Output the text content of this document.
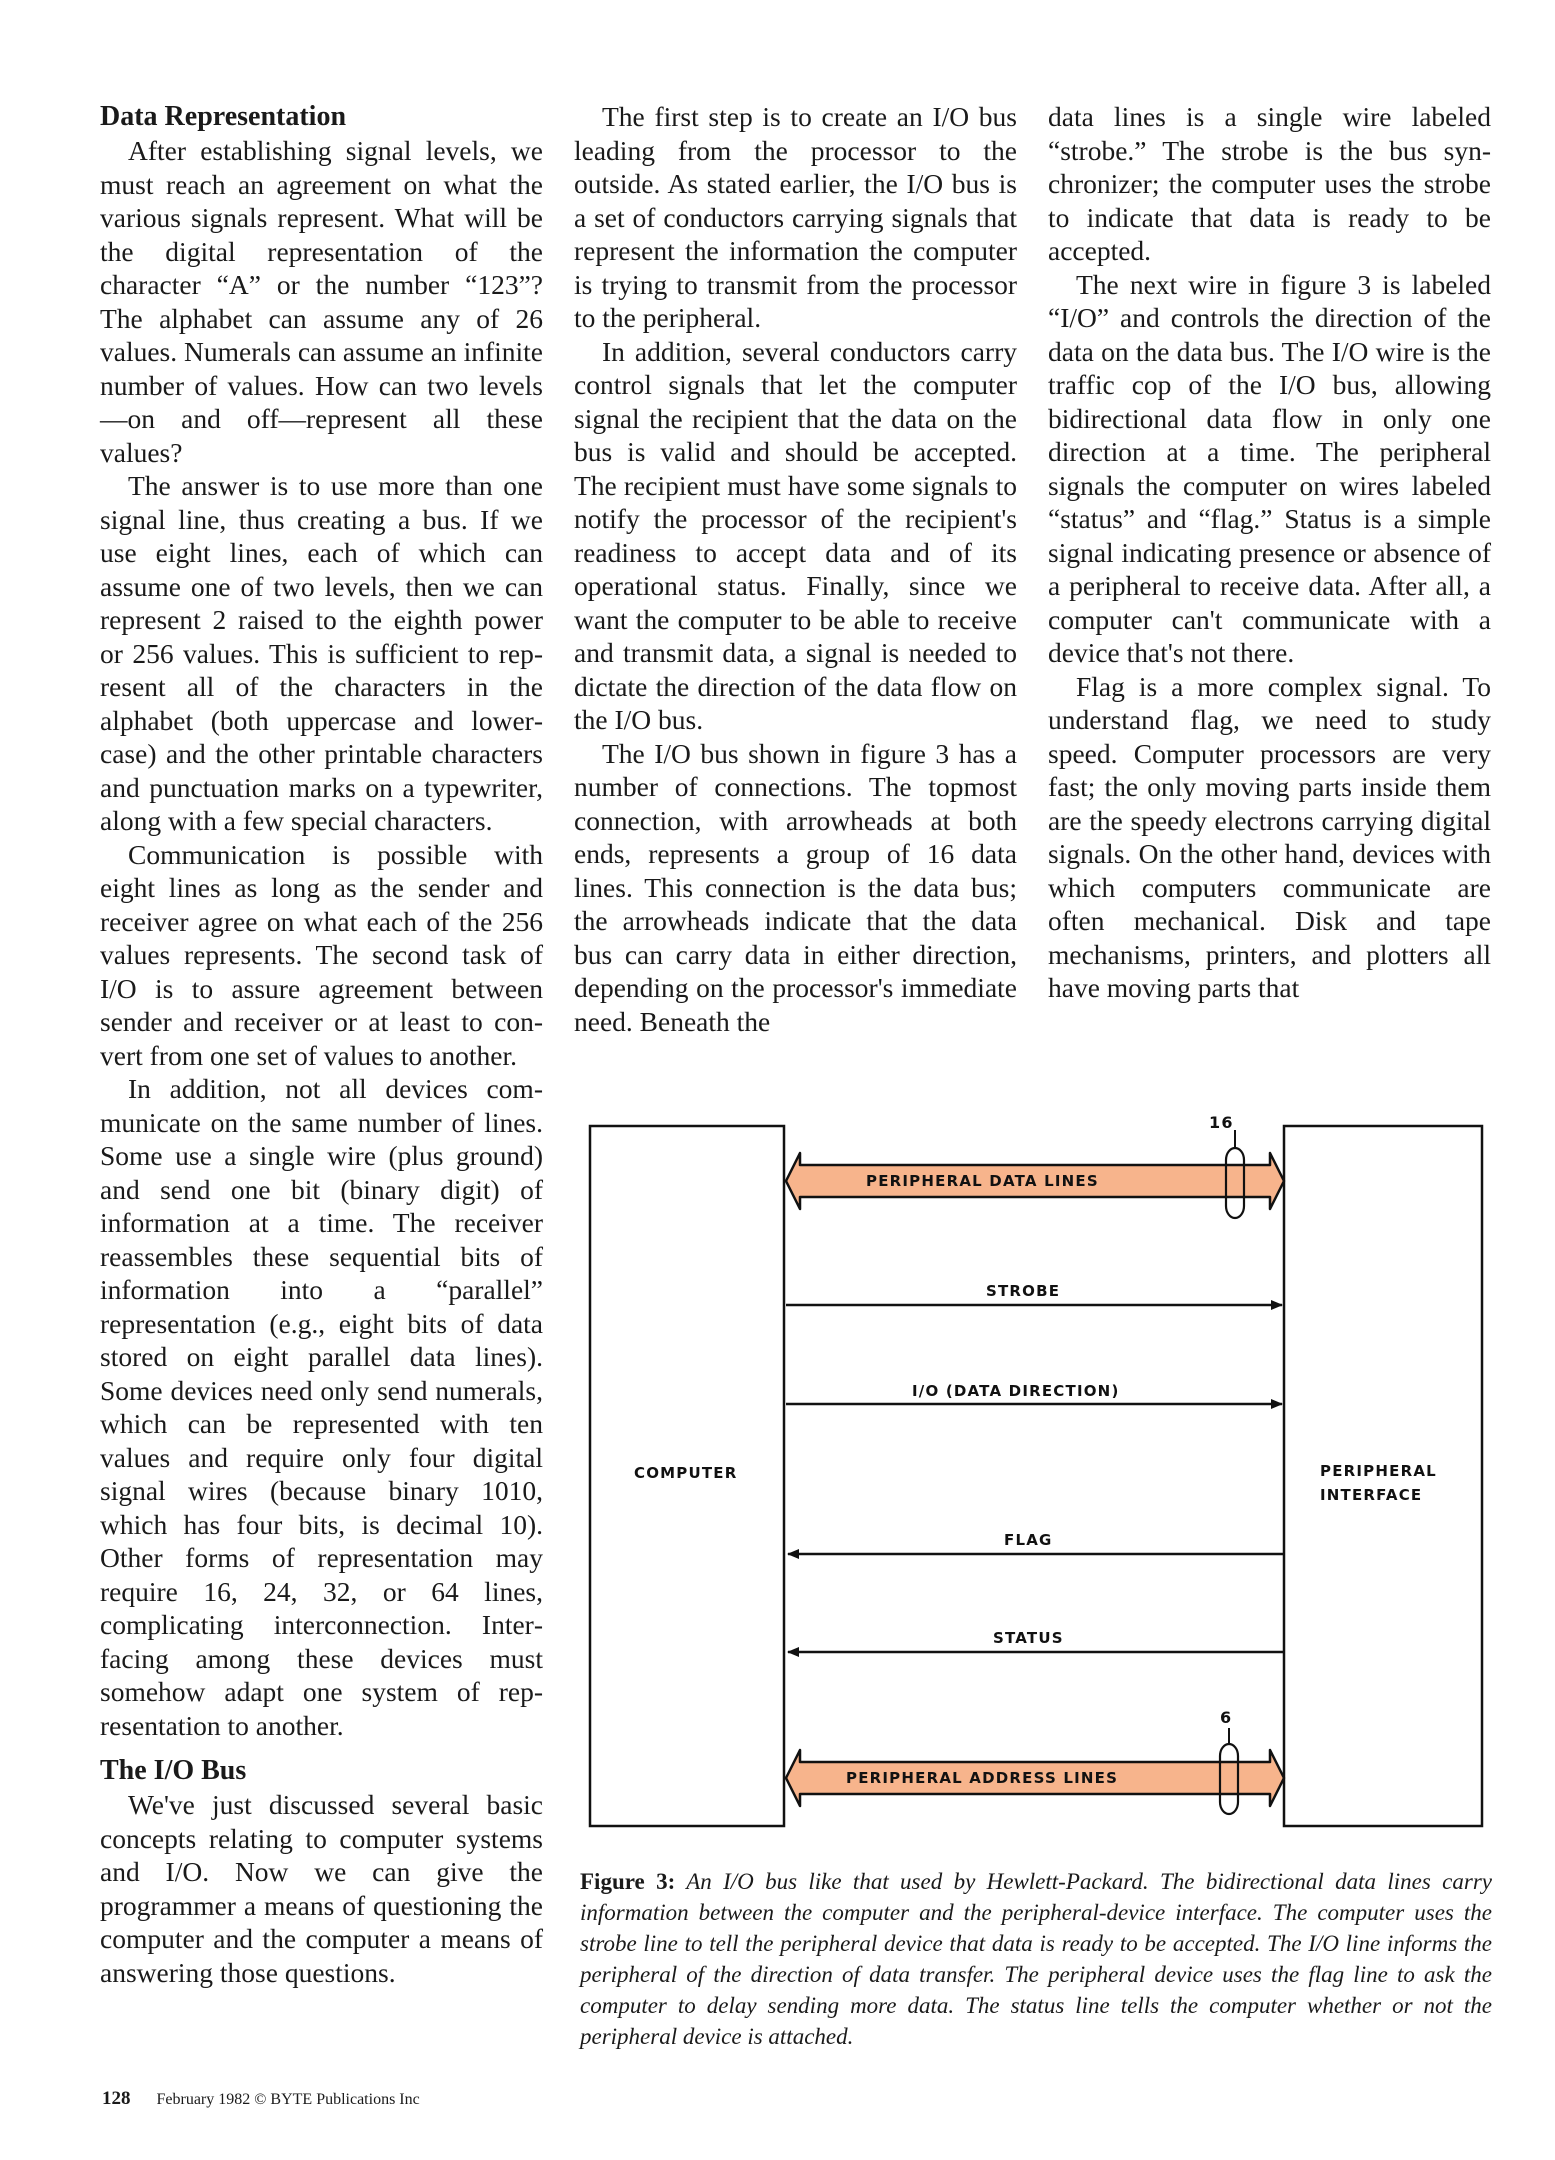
Data Representation

After establishing signal levels, we must reach an agreement on what the various signals represent. What will be the digital representation of the character “A” or the number “123”? The alphabet can assume any of 26 values. Numerals can assume an infinite number of values. How can two levels—on and off—represent all these values?

The answer is to use more than one signal line, thus creating a bus. If we use eight lines, each of which can assume one of two levels, then we can represent 2 raised to the eighth power or 256 values. This is sufficient to represent all of the characters in the alphabet (both uppercase and lowercase) and the other printable characters and punctuation marks on a typewriter, along with a few special characters.

Communication is possible with eight lines as long as the sender and receiver agree on what each of the 256 values represents. The second task of I/O is to assure agreement between sender and receiver or at least to convert from one set of values to another.

In addition, not all devices communicate on the same number of lines. Some use a single wire (plus ground) and send one bit (binary digit) of information at a time. The receiver reassembles these sequential bits of information into a “parallel” representation (e.g., eight bits of data stored on eight parallel data lines). Some devices need only send numerals, which can be represented with ten values and require only four digital signal wires (because binary 1010, which has four bits, is decimal 10). Other forms of representation may require 16, 24, 32, or 64 lines, complicating interconnection. Interfacing among these devices must somehow adapt one system of representation to another.

The I/O Bus

We've just discussed several basic concepts relating to computer systems and I/O. Now we can give the programmer a means of questioning the computer and the computer a means of answering those questions.

The first step is to create an I/O bus leading from the processor to the outside. As stated earlier, the I/O bus is a set of conductors carrying signals that represent the information the computer is trying to transmit from the processor to the peripheral.

In addition, several conductors carry control signals that let the computer signal the recipient that the data on the bus is valid and should be accepted. The recipient must have some signals to notify the processor of the recipient's readiness to accept data and of its operational status. Finally, since we want the computer to be able to receive and transmit data, a signal is needed to dictate the direction of the data flow on the I/O bus.

The I/O bus shown in figure 3 has a number of connections. The topmost connection, with arrowheads at both ends, represents a group of 16 data lines. This connection is the data bus; the arrowheads indicate that the data bus can carry data in either direction, depending on the processor's immediate need. Beneath the

data lines is a single wire labeled “strobe.” The strobe is the bus synchronizer; the computer uses the strobe to indicate that data is ready to be accepted.

The next wire in figure 3 is labeled “I/O” and controls the direction of the data on the data bus. The I/O wire is the traffic cop of the I/O bus, allowing bidirectional data flow in only one direction at a time. The peripheral signals the computer on wires labeled “status” and “flag.” Status is a simple signal indicating presence or absence of a peripheral to receive data. After all, a computer can't communicate with a device that's not there.

Flag is a more complex signal. To understand flag, we need to study speed. Computer processors are very fast; the only moving parts inside them are the speedy electrons carrying digital signals. On the other hand, devices with which computers communicate are often mechanical. Disk and tape mechanisms, printers, and plotters all have moving parts that

PERIPHERAL DATA LINES
16
STROBE
I/O (DATA DIRECTION)
COMPUTER	PERIPHERAL
INTERFACE
FLAG
STATUS
6
PERIPHERAL ADDRESS LINES
Figure 3: An I/O bus like that used by Hewlett-Packard. The bidirectional data lines carry information between the computer and the peripheral-device interface. The computer uses the strobe line to tell the peripheral device that data is ready to be accepted. The I/O line informs the peripheral of the direction of data transfer. The peripheral device uses the flag line to ask the computer to delay sending more data. The status line tells the computer whether or not the peripheral device is attached.
128 February 1982 © BYTE Publications Inc
